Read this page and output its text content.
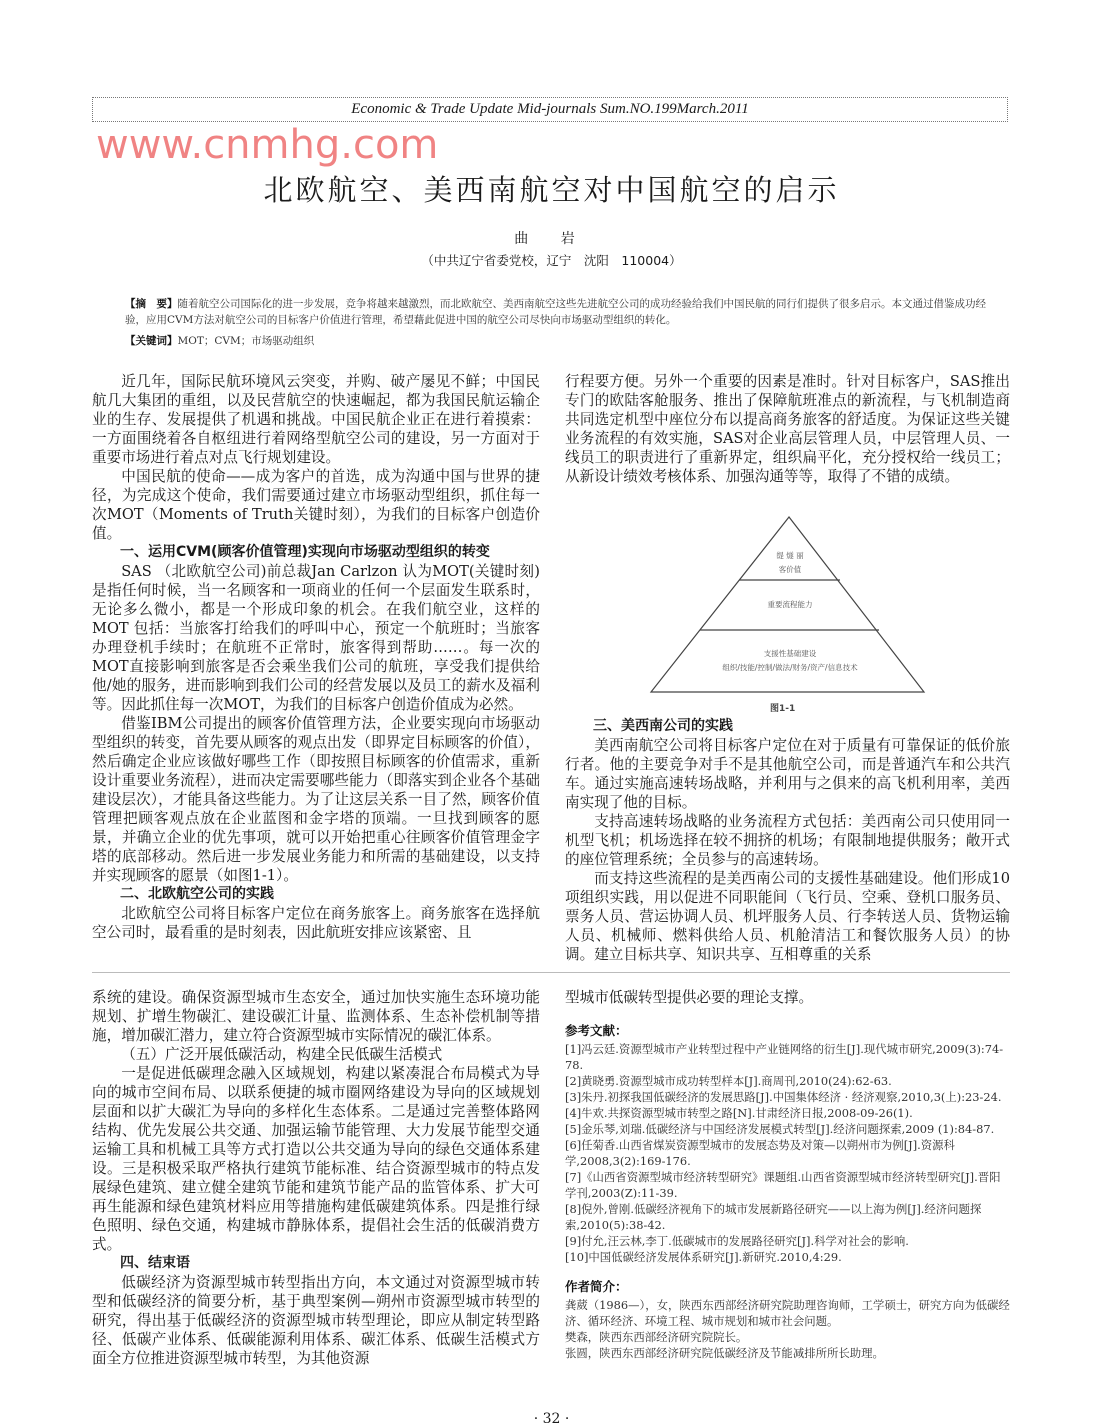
Economic & Trade Update Mid-journals Sum.NO.199March.2011
www.cnmhg.com
北欧航空、美西南航空对中国航空的启示
曲 岩
（中共辽宁省委党校，辽宁　沈阳　110004）
【摘　要】随着航空公司国际化的进一步发展，竞争将越来越激烈，而北欧航空、美西南航空这些先进航空公司的成功经验给我们中国民航的同行们提供了很多启示。本文通过借鉴成功经验，应用CVM方法对航空公司的目标客户价值进行管理，希望藉此促进中国的航空公司尽快向市场驱动型组织的转化。
【关键词】MOT；CVM；市场驱动组织

近几年，国际民航环境风云突变，并购、破产屡见不鲜；中国民航几大集团的重组，以及民营航空的快速崛起，都为我国民航运输企业的生存、发展提供了机遇和挑战。中国民航企业正在进行着摸索：一方面围绕着各自枢纽进行着网络型航空公司的建设，另一方面对于重要市场进行着点对点飞行规划建设。

中国民航的使命——成为客户的首选，成为沟通中国与世界的捷径，为完成这个使命，我们需要通过建立市场驱动型组织，抓住每一次MOT（Moments of Truth关键时刻），为我们的目标客户创造价值。

一、运用CVM(顾客价值管理)实现向市场驱动型组织的转变

SAS （北欧航空公司)前总裁Jan Carlzon 认为MOT(关键时刻)是指任何时候，当一名顾客和一项商业的任何一个层面发生联系时，无论多么微小，都是一个形成印象的机会。在我们航空业，这样的MOT 包括：当旅客打给我们的呼叫中心，预定一个航班时；当旅客办理登机手续时；在航班不正常时，旅客得到帮助……。每一次的MOT直接影响到旅客是否会乘坐我们公司的航班，享受我们提供给他/她的服务，进而影响到我们公司的经营发展以及员工的薪水及福利等。因此抓住每一次MOT，为我们的目标客户创造价值成为必然。

借鉴IBM公司提出的顾客价值管理方法，企业要实现向市场驱动型组织的转变，首先要从顾客的观点出发（即界定目标顾客的价值），然后确定企业应该做好哪些工作（即按照目标顾客的价值需求，重新设计重要业务流程），进而决定需要哪些能力（即落实到企业各个基础建设层次），才能具备这些能力。为了让这层关系一目了然，顾客价值管理把顾客观点放在企业蓝图和金字塔的顶端。一旦找到顾客的愿景，并确立企业的优先事项，就可以开始把重心往顾客价值管理金字塔的底部移动。然后进一步发展业务能力和所需的基础建设，以支持并实现顾客的愿景（如图1-1）。

二、北欧航空公司的实践

北欧航空公司将目标客户定位在商务旅客上。商务旅客在选择航空公司时，最看重的是时刻表，因此航班安排应该紧密、且

行程要方便。另外一个重要的因素是准时。针对目标客户，SAS推出专门的欧陆客舱服务、推出了保障航班准点的新流程，与飞机制造商共同选定机型中座位分布以提高商务旅客的舒适度。为保证这些关键业务流程的有效实施，SAS对企业高层管理人员，中层管理人员、一线员工的职责进行了重新界定，组织扁平化，充分授权给一线员工；从新设计绩效考核体系、加强沟通等等，取得了不错的成绩。

缇 燧 丽
客价值
重要流程能力
支援性基础建设
组织/技能/控制/做法/财务/资产/信息技术
图1-1
三、美西南公司的实践

美西南航空公司将目标客户定位在对于质量有可靠保证的低价旅行者。他的主要竞争对手不是其他航空公司，而是普通汽车和公共汽车。通过实施高速转场战略，并利用与之俱来的高飞机利用率，美西南实现了他的目标。

支持高速转场战略的业务流程方式包括：美西南公司只使用同一机型飞机；机场选择在较不拥挤的机场；有限制地提供服务；敞开式的座位管理系统；全员参与的高速转场。

而支持这些流程的是美西南公司的支援性基础建设。他们形成10项组织实践，用以促进不同职能间（飞行员、空乘、登机口服务员、票务人员、营运协调人员、机坪服务人员、行李转送人员、货物运输人员、机械师、燃料供给人员、机舱清洁工和餐饮服务人员）的协调。建立目标共享、知识共享、互相尊重的关系

系统的建设。确保资源型城市生态安全，通过加快实施生态环境功能规划、扩增生物碳汇、建设碳汇计量、监测体系、生态补偿机制等措施，增加碳汇潜力，建立符合资源型城市实际情况的碳汇体系。

（五）广泛开展低碳活动，构建全民低碳生活模式

一是促进低碳理念融入区域规划，构建以紧凑混合布局模式为导向的城市空间布局、以联系便捷的城市圈网络建设为导向的区域规划层面和以扩大碳汇为导向的多样化生态体系。二是通过完善整体路网结构、优先发展公共交通、加强运输节能管理、大力发展节能型交通运输工具和机械工具等方式打造以公共交通为导向的绿色交通体系建设。三是积极采取严格执行建筑节能标准、结合资源型城市的特点发展绿色建筑、建立健全建筑节能和建筑节能产品的监管体系、扩大可再生能源和绿色建筑材料应用等措施构建低碳建筑体系。四是推行绿色照明、绿色交通，构建城市静脉体系，提倡社会生活的低碳消费方式。

四、结束语

低碳经济为资源型城市转型指出方向，本文通过对资源型城市转型和低碳经济的简要分析，基于典型案例—朔州市资源型城市转型的研究，得出基于低碳经济的资源型城市转型理论，即应从制定转型路径、低碳产业体系、低碳能源利用体系、碳汇体系、低碳生活模式方面全方位推进资源型城市转型，为其他资源

型城市低碳转型提供必要的理论支撑。

参考文献：
[1]冯云廷.资源型城市产业转型过程中产业链网络的衍生[J].现代城市研究,2009(3):74-78.
[2]黄晓勇.资源型城市成功转型样本[J].商周刊,2010(24):62-63.
[3]朱丹.初探我国低碳经济的发展思路[J].中国集体经济 · 经济观察,2010,3(上):23-24.
[4]牛欢.共探资源型城市转型之路[N].甘肃经济日报,2008-09-26(1).
[5]金乐琴,刘瑞.低碳经济与中国经济发展模式转型[J].经济问题探索,2009 (1):84-87.
[6]任菊香.山西省煤炭资源型城市的发展态势及对策—以朔州市为例[J].资源科学,2008,3(2):169-176.
[7]《山西省资源型城市经济转型研究》课题组.山西省资源型城市经济转型研究[J].晋阳学刊,2003(Z):11-39.
[8]倪外,曾刚.低碳经济视角下的城市发展新路径研究——以上海为例[J].经济问题探索,2010(5):38-42.
[9]付允,汪云林,李丁.低碳城市的发展路径研究[J].科学对社会的影响.
[10]中国低碳经济发展体系研究[J].新研究.2010,4:29.
作者简介：
龚葳（1986—），女，陕西东西部经济研究院助理咨询师，工学硕士，研究方向为低碳经济、循环经济、环境工程、城市规划和城市社会问题。
樊森，陕西东西部经济研究院院长。
张圆，陕西东西部经济研究院低碳经济及节能减排所所长助理。
· 32 ·
